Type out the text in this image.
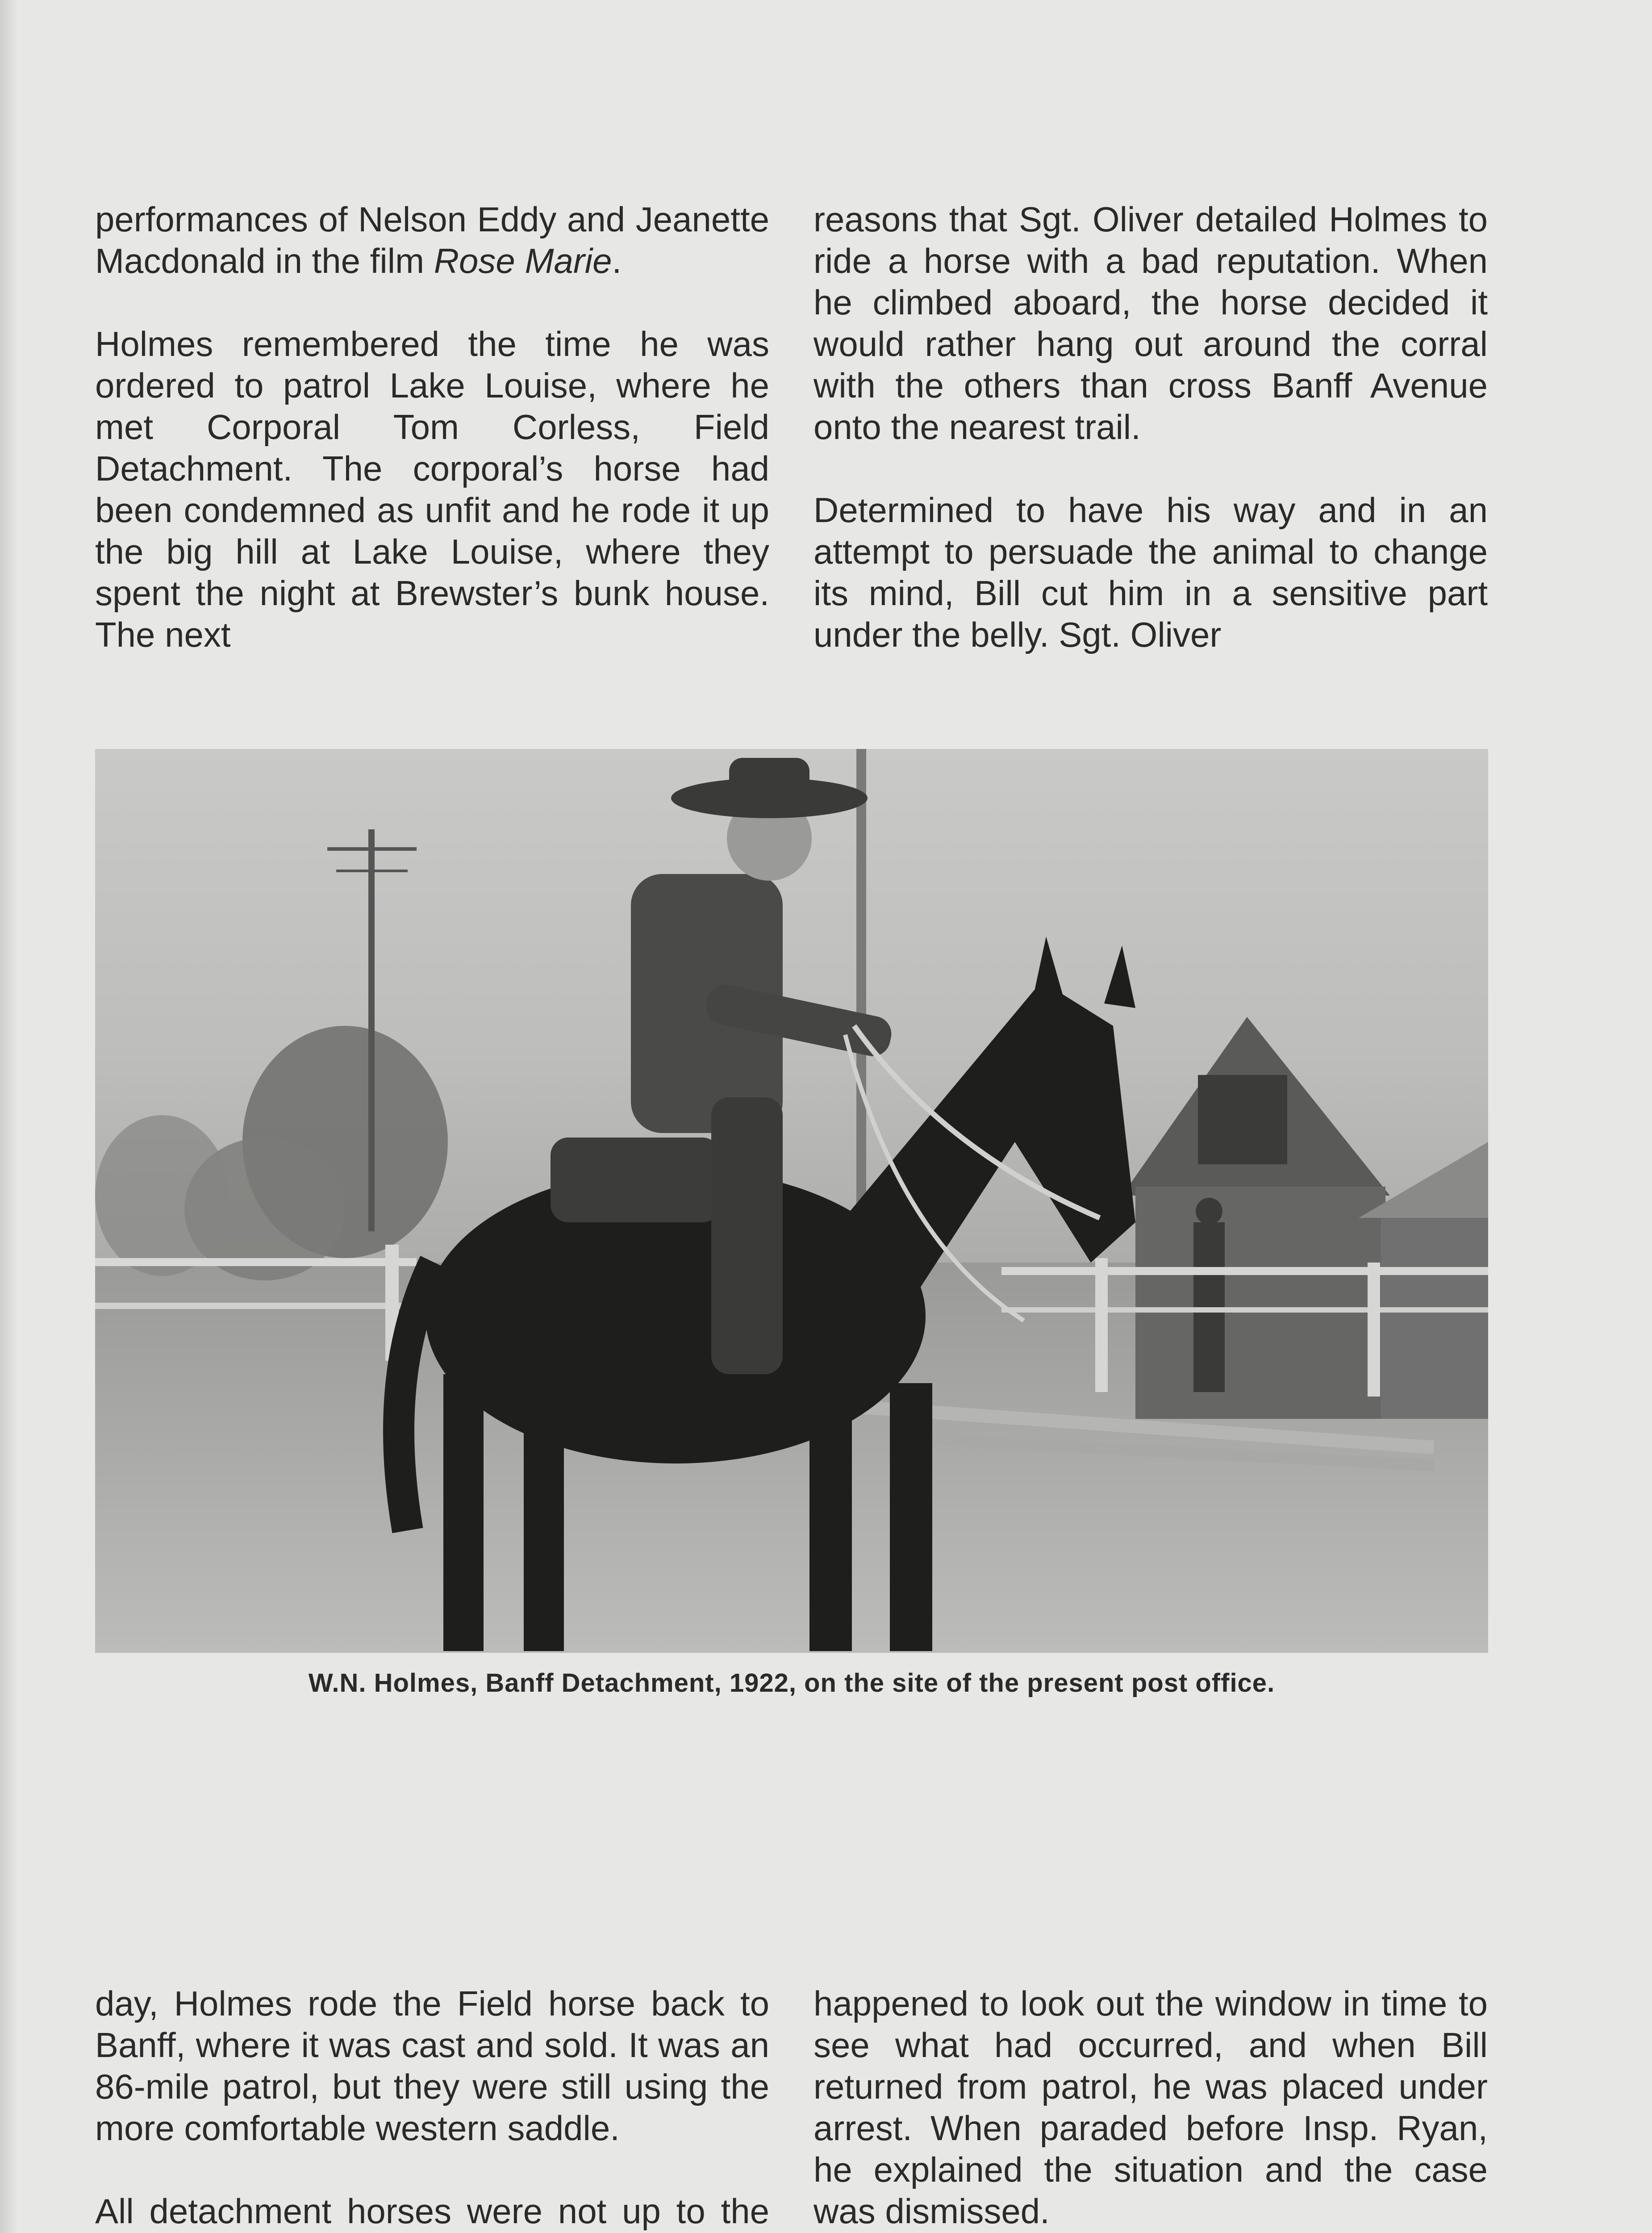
performances of Nelson Eddy and Jeanette Macdonald in the film Rose Marie.

Holmes remembered the time he was ordered to patrol Lake Louise, where he met Corporal Tom Corless, Field Detachment. The corporal’s horse had been condemned as unfit and he rode it up the big hill at Lake Louise, where they spent the night at Brewster’s bunk house. The next

reasons that Sgt. Oliver detailed Holmes to ride a horse with a bad reputation. When he climbed aboard, the horse decided it would rather hang out around the corral with the others than cross Banff Avenue onto the nearest trail.

Determined to have his way and in an attempt to persuade the animal to change its mind, Bill cut him in a sensitive part under the belly. Sgt. Oliver

W.N. Holmes, Banff Detachment, 1922, on the site of the present post office.

day, Holmes rode the Field horse back to Banff, where it was cast and sold. It was an 86-mile patrol, but they were still using the more comfortable western saddle.

All detachment horses were not up to the

happened to look out the window in time to see what had occurred, and when Bill returned from patrol, he was placed under arrest. When paraded before Insp. Ryan, he explained the situation and the case was dismissed.
